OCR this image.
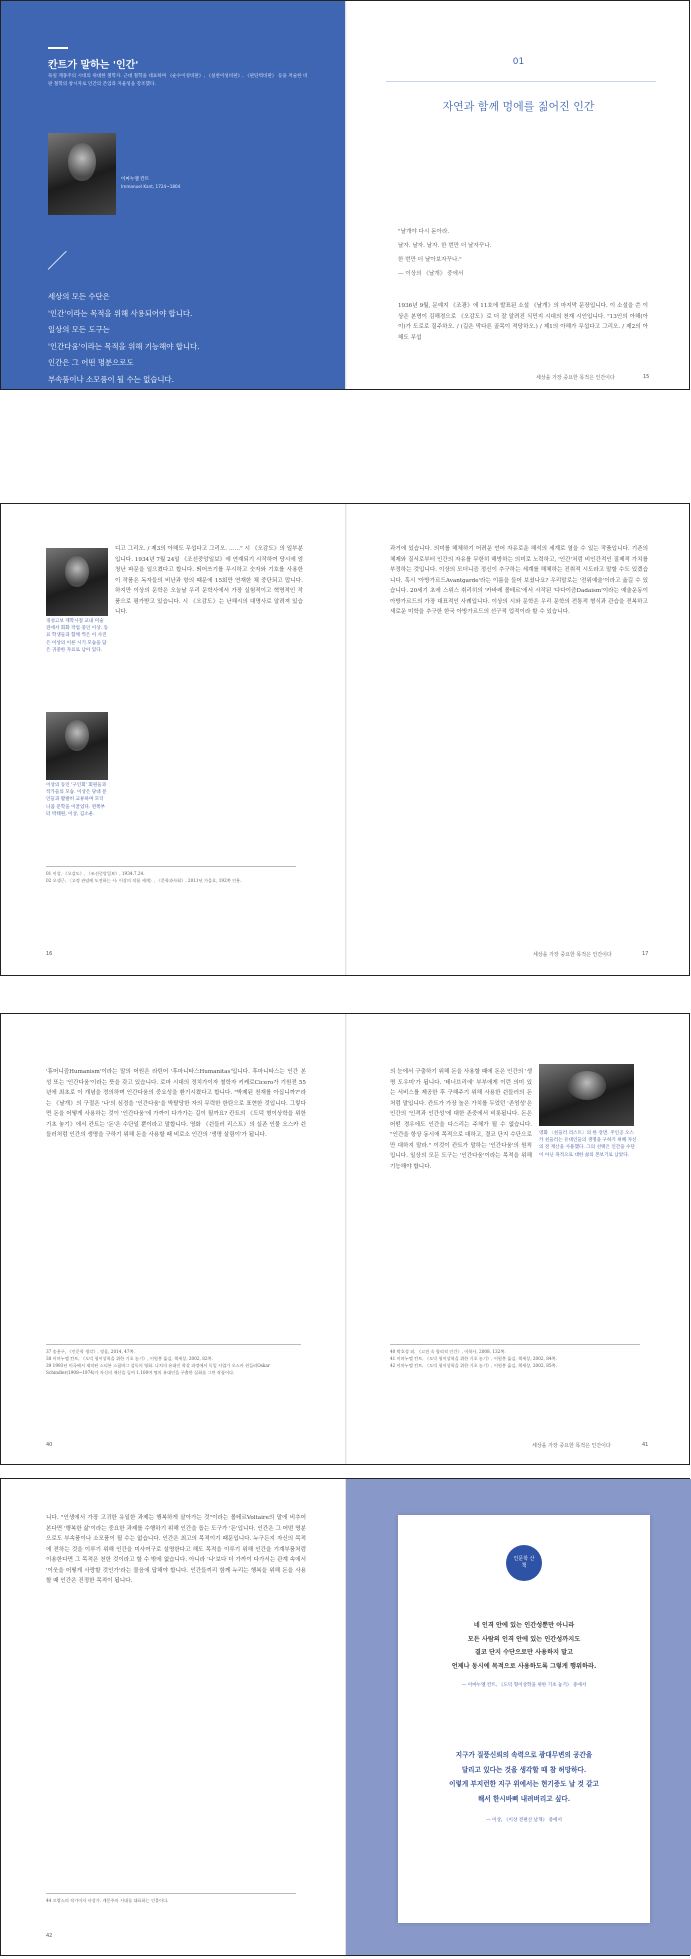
칸트가 말하는 '인간'
독일 계몽주의 시대의 위대한 철학자. 근대 철학을 대표하며 《순수이성비판》, 《실천이성비판》, 《판단력비판》 등을 저술한 비판 철학의 창시자로 인간의 존엄과 자율성을 강조했다.
이마누엘 칸트
Immanuel Kant, 1724~1804
세상의 모든 수단은
'인간'이라는 목적을 위해 사용되어야 합니다.
일상의 모든 도구는
'인간다움'이라는 목적을 위해 기능해야 합니다.
인간은 그 어떤 명분으로도
부속품이나 소모품이 될 수는 없습니다.
인간은 최고의 목적이기 때문입니다.
01
자연과 함께 멍에를 짊어진 인간
"날개야 다시 돋아라.
날자. 날자. 날자. 한 번만 더 날자꾸나.
한 번만 더 날아보자꾸나."
— 이상의 《날개》 중에서
1936년 9월, 문예지 《조광》에 11호에 발표된 소설 《날개》의 마지막 문장입니다. 이 소설을 쓴 이상은 본명이 김해경으로 《오감도》로 더 잘 알려진 식민지 시대의 천재 시인입니다. "13인의 아해(아이)가 도로로 질주하오. / (길은 막다른 골목이 적당하오.) / 제1의 아해가 무섭다고 그리오. / 제2의 아해도 무섭
세상을 가장 중요한 목적은 인간이다	15
경성고보 재학시절 교내 미술전에서 회화 작업 중인 이상. 동료 학생들과 함께 찍은 이 사진은 이상의 이른 시기 모습을 담은 귀중한 자료로 남아 있다.
이상의 동인 '구인회' 회원들과 작가들의 모습. 이상은 당대 문인들과 활발히 교류하며 모더니즘 문학을 이끌었다. 왼쪽부터 박태원, 이상, 김소운.
디고 그리오. / 제3의 아해도 무섭다고 그리오. ……" 시 《오감도》의 일부분입니다. 1934년 7월 24일 《조선중앙일보》에 연재되기 시작하여 당시에 엄청난 파문을 일으켰다고 합니다. 띄어쓰기를 무시하고 숫자와 기호를 사용한 이 작품은 독자들의 비난과 항의 때문에 15회만 연재한 채 중단되고 맙니다. 하지만 이상의 문학은 오늘날 우리 문학사에서 가장 실험적이고 혁명적인 작품으로 평가받고 있습니다. 시 《오감도》는 난해시의 대명사로 알려져 있습니다.
01 이상, 《오감도》, 《조선중앙일보》, 1934.7.24.
02 오생근, 〈고정 관념에 도전하는 시: 이상의 작품 세계〉, 《문학과사회》, 2011년 가을호, 192쪽 인용.
16
과거에 있습니다. 의미를 해체하기 어려운 언어 자유로운 해석의 세계로 열을 수 있는 작품입니다. 기존의 체제와 질서로부터 인간의 자유를 무한히 해방하는 의미로 노력하고, '인간'처럼 비인간적인 질제적 가치를 부정하는 것입니다. 이상의 모더니즘 정신이 추구하는 세계를 해체하는 진취적 시도라고 말할 수도 있겠습니다. 혹시 '아방가르드Avantgarde'라는 이름을 들어 보셨나요? 우리말로는 '전위예술'이라고 옮길 수 있습니다. 20세기 초에 스위스 취리히의 '카바레 볼테르'에서 시작된 '다다이즘Dadaism'이라는 예술운동이 아방가르드의 가장 대표적인 사례입니다. 이상의 시와 문학은 우리 문학의 전통적 형식과 관습을 전복하고 새로운 미학을 추구한 한국 아방가르드의 선구적 업적이라 할 수 있습니다.
세상을 가장 중요한 목적은 인간이다	17
'휴머니즘Humanism'이라는 말의 어원은 라틴어 '후마니타스Humanitas'입니다. 후마니타스는 인간 본성 또는 '인간다움'이라는 뜻을 갖고 있습니다. 로마 시대의 정치가이자 철학자 키케로Cicero가 기원전 55년에 최초로 이 개념을 정의하며 인간다움의 중요성을 환기시켰다고 합니다. "박제된 천재를 아십니까?"라는 《날개》의 구절은 '나'의 심정을 '인간다움'을 박탈당한 자의 무력한 한탄으로 표현한 것입니다. 그렇다면 돈을 어떻게 사용하는 것이 '인간다움'에 가까이 다가가는 길이 될까요? 칸트의 《도덕 형이상학을 위한 기초 놓기》에서 칸트는 '돈'은 수단일 뿐이라고 말합니다. 영화 《쉰들러 리스트》의 실존 인물 오스카 쉰들러처럼 인간의 생명을 구하기 위해 돈을 사용할 때 비로소 인간의 '생명 살림이'가 됩니다.
37 송용구, 《인문학 생각》, 정음, 2014, 47쪽.
38 이마누엘 칸트, 《도덕 형이상학을 위한 기초 놓기》, 이원봉 옮김, 책세상, 2002, 82쪽.
39 1993년 미국에서 제작된 스티븐 스필버그 감독의 영화. 나치의 유대인 학살 과정에서 독일 사업가 오스카 쉰들러Oskar Schindler(1908~1974)가 자신의 재산을 들여 1,100여 명의 유대인을 구출한 실화를 그린 작품이다.
40
영화 〈쉰들러 리스트〉의 한 장면. 주인공 오스카 쉰들러는 유대인들의 생명을 구하기 위해 자신의 전 재산을 사용했다. 그의 선택은 인간을 수단이 아닌 목적으로 대한 삶의 본보기로 남았다.
의 눈에서 구출하기 위해 돈을 사용할 때에 돈은 인간의 '생명 도우미'가 됩니다. '테너브리에' 부부에게 이런 의미 있는 서비스를 제공한 후 구해주기 위해 사용한 쉰들러의 돈처럼 말입니다. 칸트가 가장 높은 가치를 두었던 '존엄성'은 인간의 '인격과 인간성'에 대한 존중에서 비롯됩니다. 돈은 어떤 경우에도 인간을 다스리는 주체가 될 수 없습니다. "인간을 항상 동시에 목적으로 대하고, 결코 단지 수단으로만 대하지 말라." 이것이 칸트가 말하는 '인간다움'의 원칙입니다. 일상의 모든 도구는 '인간다움'이라는 목적을 위해 기능해야 합니다.
40 박호성 외, 《고전 속 합리적 인간》, 이학사, 2008, 132쪽.
41 이마누엘 칸트, 《도덕 형이상학을 위한 기초 놓기》, 이원봉 옮김, 책세상, 2002, 84쪽.
42 이마누엘 칸트, 《도덕 형이상학을 위한 기초 놓기》, 이원봉 옮김, 책세상, 2002, 85쪽.
세상을 가장 중요한 목적은 인간이다	41
니다. "인생에서 가장 고귀한 유일한 과제는 행복하게 살아가는 것"이라는 볼테르Voltaire의 말에 비추어 본다면 '행복한 삶'이라는 중요한 과제를 수행하기 위해 인간을 돕는 도구가 '돈'입니다. 인간은 그 어떤 명분으로도 부속품이나 소모품이 될 수는 없습니다. 인간은 최고의 목적이기 때문입니다. 누구든지 자신의 목적에 전하는 것을 이루기 위해 인간을 미사여구로 설명한다고 해도 목적을 이루기 위해 인간을 기계부품처럼 이용한다면 그 목적은 천한 것이라고 할 수 밖에 없습니다. 아니라 '나'보다 더 가까이 다가서는 관계 속에서 '이웃을 어떻게 사랑할 것인가'라는 물음에 답해야 합니다. 인간들끼리 함께 누리는 행복을 위해 돈을 사용할 때 인간은 진정한 목적이 됩니다.
44 프랑스의 작가이자 사상가. 계몽주의 시대를 대표하는 인물이다.
42
인문학 산책
네 인격 안에 있는 인간성뿐만 아니라
모든 사람의 인격 안에 있는 인간성까지도
결코 단지 수단으로만 사용하지 말고
언제나 동시에 목적으로 사용하도록 그렇게 행위하라.
— 이마누엘 칸트, 《도덕 형이상학을 위한 기초 놓기》 중에서
지구가 질풍신뢰의 속력으로 광대무변의 공간을
달리고 있다는 것을 생각할 때 참 허망하다.
이렇게 부지런한 지구 위에서는 현기증도 날 것 같고
해서 한시바삐 내려버리고 싶다.
— 이상, 《이상 전편산 날개》 중에서
